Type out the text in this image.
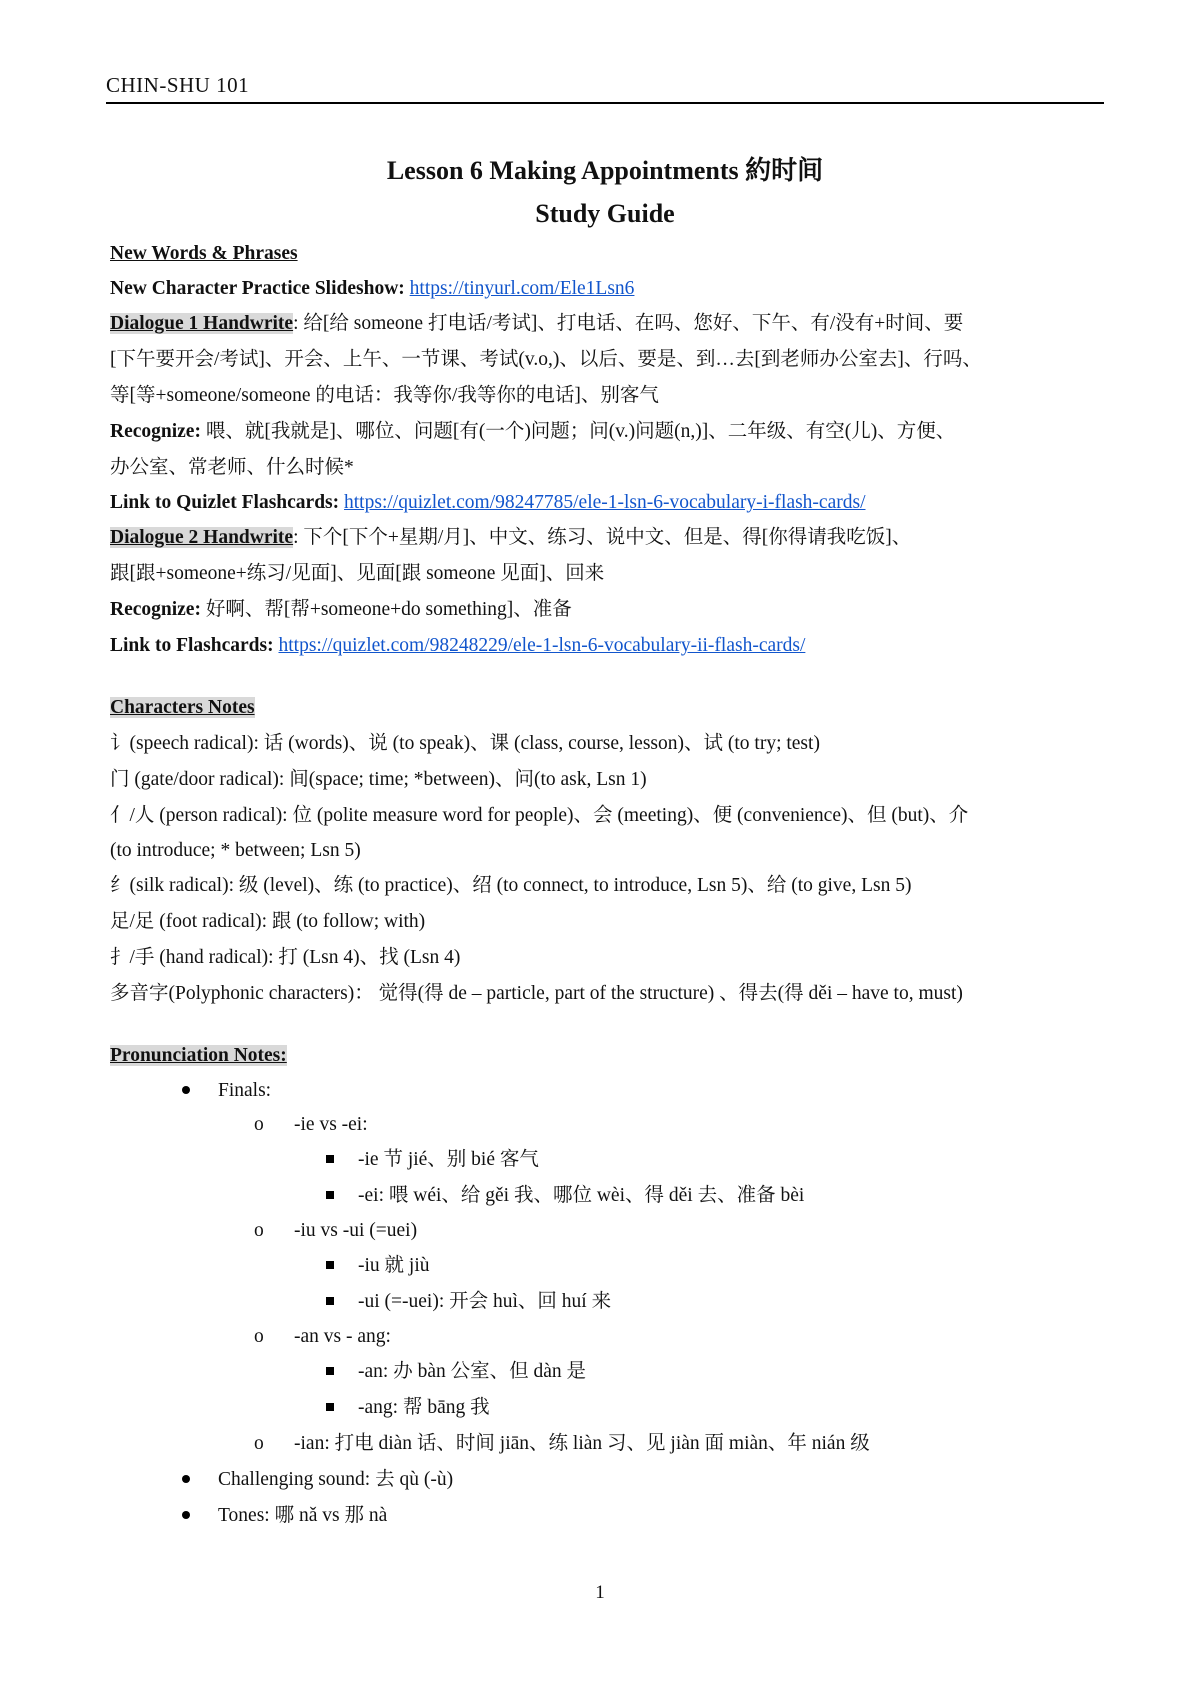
CHIN-SHU 101
Lesson 6 Making Appointments 約时间
Study Guide
New Words & Phrases
New Character Practice Slideshow: https://tinyurl.com/Ele1Lsn6
Dialogue 1 Handwrite: 给[给 someone 打电话/考试]、打电话、在吗、您好、下午、有/没有+时间、要
[下午要开会/考试]、开会、上午、一节课、考试(v.o,)、以后、要是、到…去[到老师办公室去]、行吗、
等[等+someone/someone 的电话：我等你/我等你的电话]、别客气
Recognize: 喂、就[我就是]、哪位、问题[有(一个)问题；问(v.)问题(n,)]、二年级、有空(儿)、方便、
办公室、常老师、什么时候*
Link to Quizlet Flashcards: https://quizlet.com/98247785/ele-1-lsn-6-vocabulary-i-flash-cards/
Dialogue 2 Handwrite: 下个[下个+星期/月]、中文、练习、说中文、但是、得[你得请我吃饭]、
跟[跟+someone+练习/见面]、见面[跟 someone 见面]、回来
Recognize: 好啊、帮[帮+someone+do something]、准备
Link to Flashcards: https://quizlet.com/98248229/ele-1-lsn-6-vocabulary-ii-flash-cards/
Characters Notes
讠(speech radical): 话 (words)、说 (to speak)、课 (class, course, lesson)、试 (to try; test)
门 (gate/door radical): 间(space; time; *between)、问(to ask, Lsn 1)
亻/人 (person radical): 位 (polite measure word for people)、会 (meeting)、便 (convenience)、但 (but)、介
(to introduce; * between; Lsn 5)
纟(silk radical): 级 (level)、练 (to practice)、绍 (to connect, to introduce, Lsn 5)、给 (to give, Lsn 5)
足/足 (foot radical): 跟 (to follow; with)
扌/手 (hand radical): 打 (Lsn 4)、找 (Lsn 4)
多音字(Polyphonic characters)： 觉得(得 de – particle, part of the structure) 、得去(得 děi – have to, must)
Pronunciation Notes:
Finals:
o -ie vs -ei:
-ie 节 jié、别 bié 客气
-ei: 喂 wéi、给 gěi 我、哪位 wèi、得 děi 去、准备 bèi
o -iu vs -ui (=uei)
-iu 就 jiù
-ui (=-uei): 开会 huì、回 huí 来
o -an vs - ang:
-an: 办 bàn 公室、但 dàn 是
-ang: 帮 bāng 我
o -ian: 打电 diàn 话、时间 jiān、练 liàn 习、见 jiàn 面 miàn、年 nián 级
Challenging sound: 去 qù (-ù)
Tones: 哪 nǎ vs 那 nà
1
